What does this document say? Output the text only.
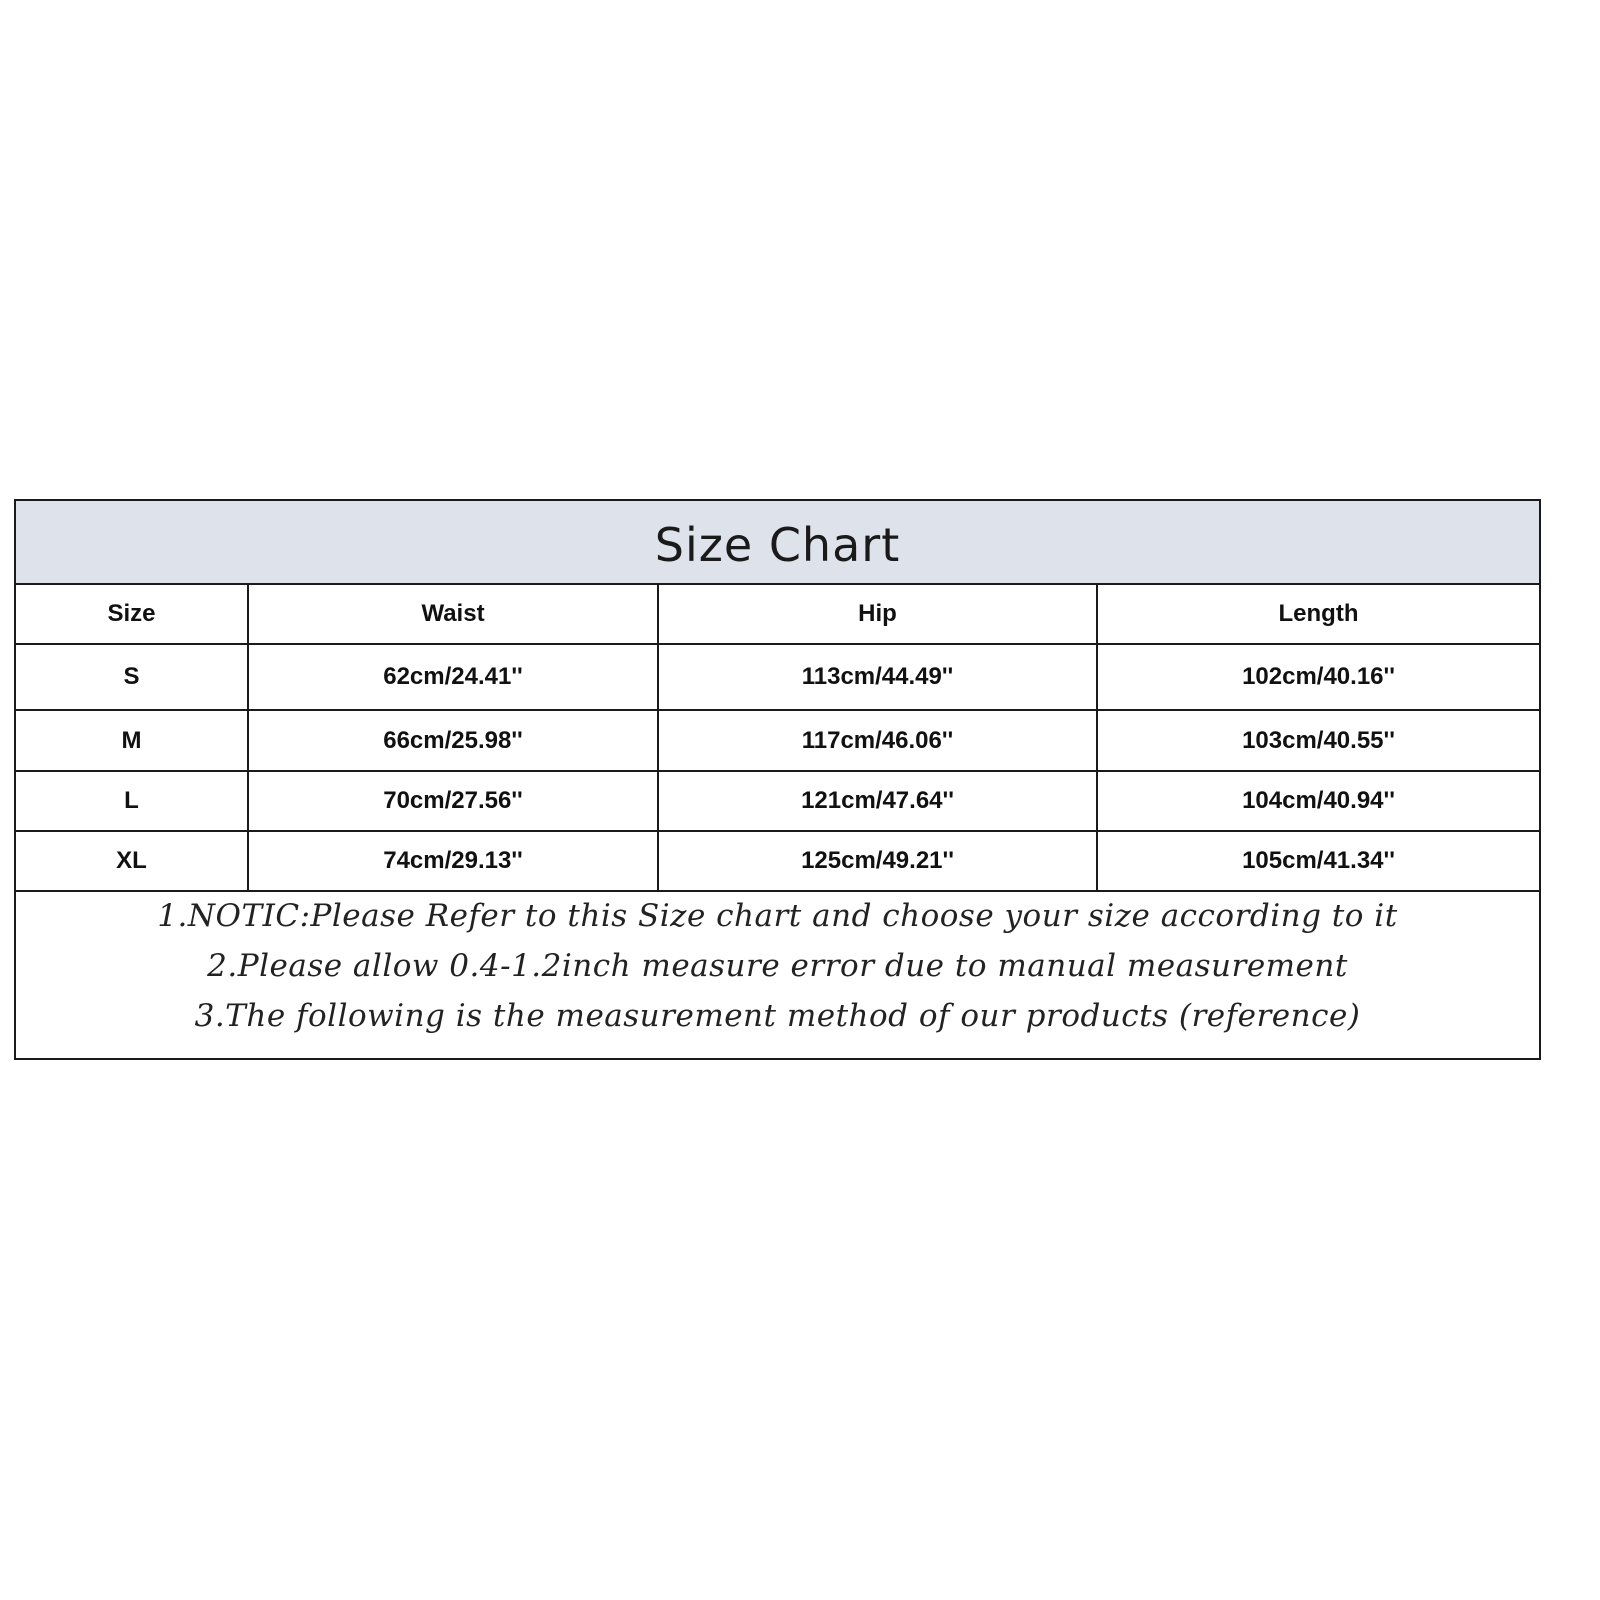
Size Chart
Size	Waist	Hip	Length
S	62cm/24.41''	113cm/44.49''	102cm/40.16''
M	66cm/25.98''	117cm/46.06''	103cm/40.55''
L	70cm/27.56''	121cm/47.64''	104cm/40.94''
XL	74cm/29.13''	125cm/49.21''	105cm/41.34''
1.NOTIC:Please Refer to this Size chart and choose your size according to it
2.Please allow 0.4-1.2inch measure error due to manual measurement
3.The following is the measurement method of our products (reference)
